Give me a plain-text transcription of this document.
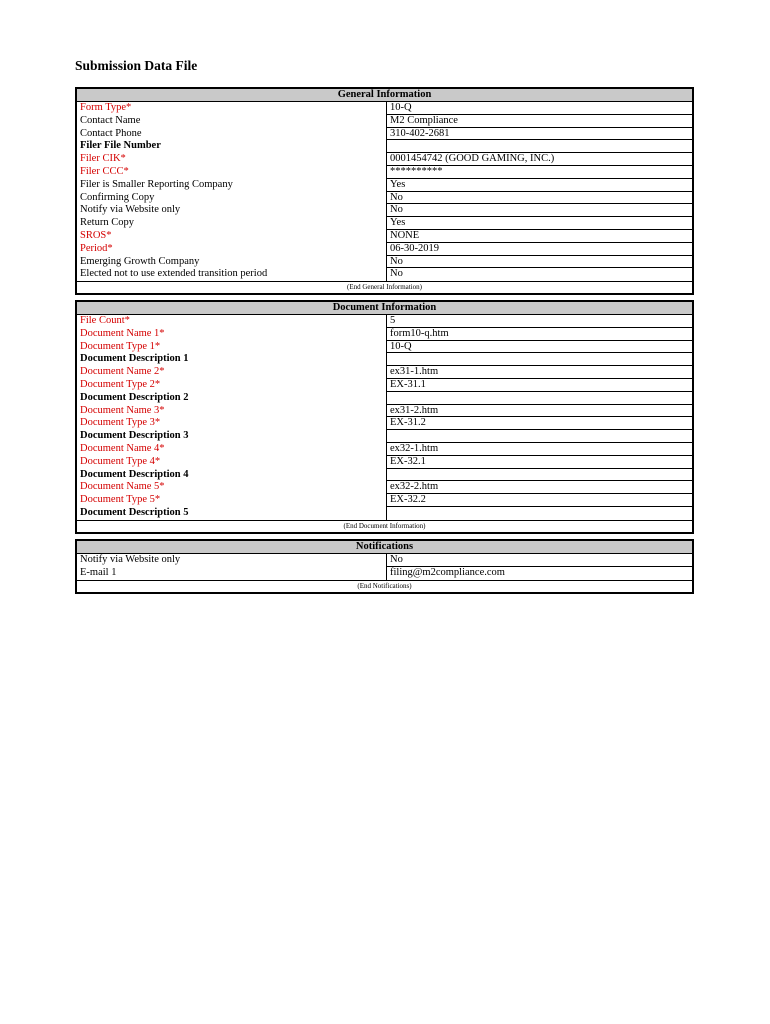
Submission Data File
General Information
Form Type*	10-Q
Contact Name	M2 Compliance
Contact Phone	310-402-2681
Filer File Number
Filer CIK*	0001454742 (GOOD GAMING, INC.)
Filer CCC*	**********
Filer is Smaller Reporting Company	Yes
Confirming Copy	No
Notify via Website only	No
Return Copy	Yes
SROS*	NONE
Period*	06-30-2019
Emerging Growth Company	No
Elected not to use extended transition period	No
(End General Information)
Document Information
File Count*	5
Document Name 1*	form10-q.htm
Document Type 1*	10-Q
Document Description 1
Document Name 2*	ex31-1.htm
Document Type 2*	EX-31.1
Document Description 2
Document Name 3*	ex31-2.htm
Document Type 3*	EX-31.2
Document Description 3
Document Name 4*	ex32-1.htm
Document Type 4*	EX-32.1
Document Description 4
Document Name 5*	ex32-2.htm
Document Type 5*	EX-32.2
Document Description 5
(End Document Information)
Notifications
Notify via Website only	No
E-mail 1	filing@m2compliance.com
(End Notifications)
